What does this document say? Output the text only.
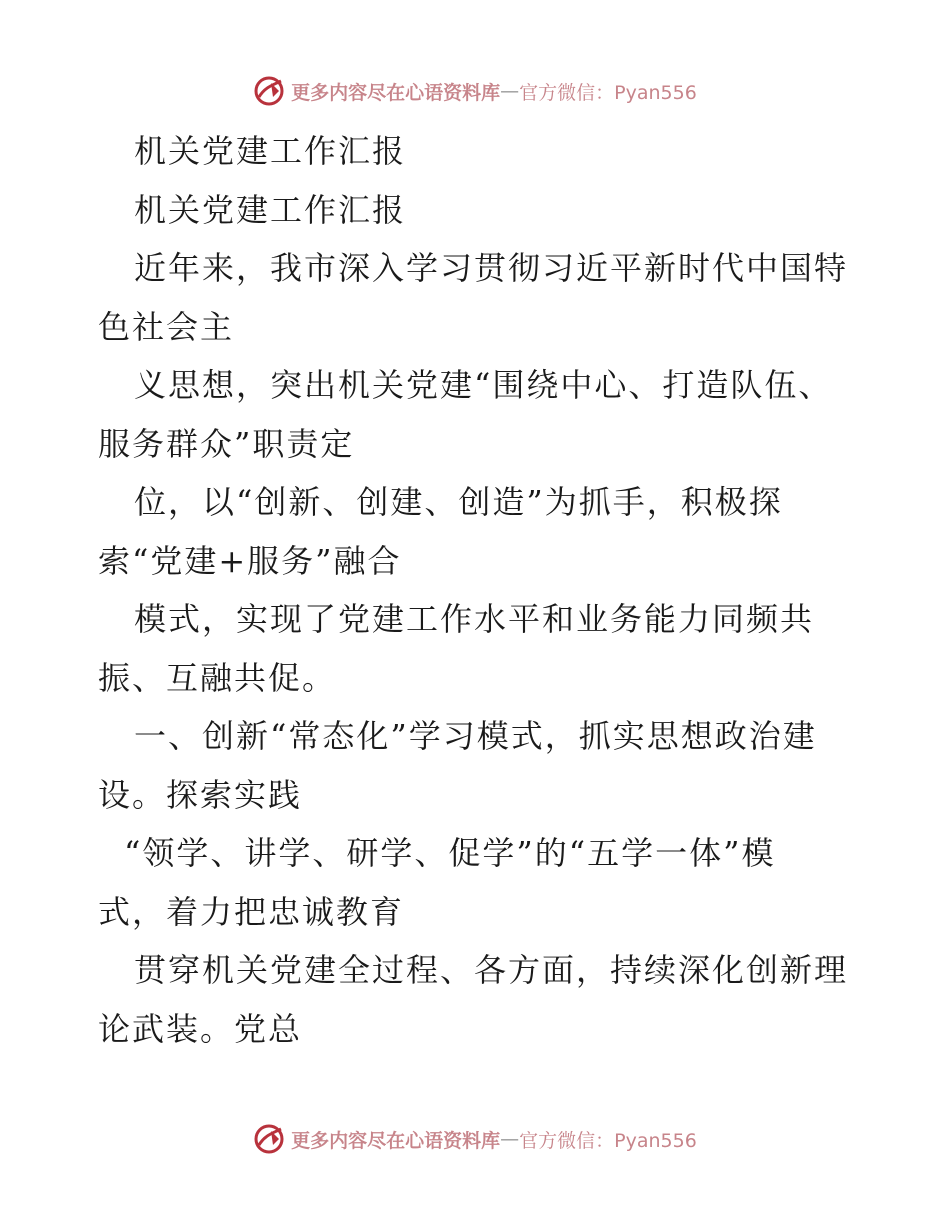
更多内容尽在心语资料库 — 官方微信：Pyan556
机关党建工作汇报
机关党建工作汇报
近年来，我市深入学习贯彻习近平新时代中国特
色社会主
义思想，突出机关党建“围绕中心、打造队伍、
服务群众”职责定
位，以“创新、创建、创造”为抓手，积极探
索“党建+服务”融合
模式，实现了党建工作水平和业务能力同频共
振、互融共促。
一、创新“常态化”学习模式，抓实思想政治建
设。探索实践
“领学、讲学、研学、促学”的“五学一体”模
式，着力把忠诚教育
贯穿机关党建全过程、各方面，持续深化创新理
论武装。党总
更多内容尽在心语资料库 — 官方微信：Pyan556
